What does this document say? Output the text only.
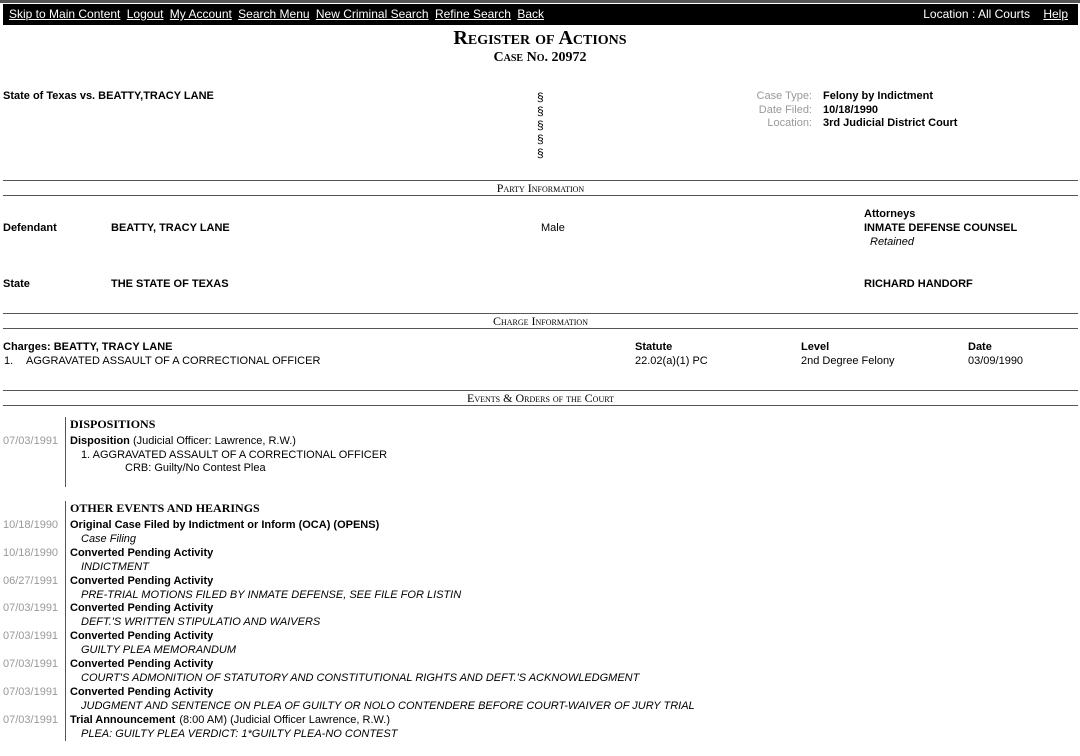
Skip to Main Content Logout My Account Search Menu New Criminal Search Refine Search Back	Location : All Courts Help
Register of Actions
Case No. 20972
State of Texas vs. BEATTY,TRACY LANE	§
§
§
§
§
Case Type: Felony by Indictment
Date Filed: 10/18/1990
Location: 3rd Judicial District Court
Party Information
Attorneys
Defendant	BEATTY, TRACY LANE	Male	INMATE DEFENSE COUNSEL
Retained
State	THE STATE OF TEXAS	RICHARD HANDORF
Charge Information
Charges: BEATTY, TRACY LANE	Statute	Level	Date
1. AGGRAVATED ASSAULT OF A CORRECTIONAL OFFICER	22.02(a)(1) PC	2nd Degree Felony	03/09/1990
Events & Orders of the Court
DISPOSITIONS
07/03/1991 Disposition (Judicial Officer: Lawrence, R.W.)
1. AGGRAVATED ASSAULT OF A CORRECTIONAL OFFICER
CRB: Guilty/No Contest Plea
OTHER EVENTS AND HEARINGS
10/18/1990 Original Case Filed by Indictment or Inform (OCA) (OPENS)
Case Filing
10/18/1990 Converted Pending Activity
INDICTMENT
06/27/1991 Converted Pending Activity
PRE-TRIAL MOTIONS FILED BY INMATE DEFENSE, SEE FILE FOR LISTIN
07/03/1991 Converted Pending Activity
DEFT.'S WRITTEN STIPULATIO AND WAIVERS
07/03/1991 Converted Pending Activity
GUILTY PLEA MEMORANDUM
07/03/1991 Converted Pending Activity
COURT'S ADMONITION OF STATUTORY AND CONSTITUTIONAL RIGHTS AND DEFT.'S ACKNOWLEDGMENT
07/03/1991 Converted Pending Activity
JUDGMENT AND SENTENCE ON PLEA OF GUILTY OR NOLO CONTENDERE BEFORE COURT-WAIVER OF JURY TRIAL
07/03/1991 Trial Announcement (8:00 AM) (Judicial Officer Lawrence, R.W.)
PLEA: GUILTY PLEA VERDICT: 1*GUILTY PLEA-NO CONTEST
